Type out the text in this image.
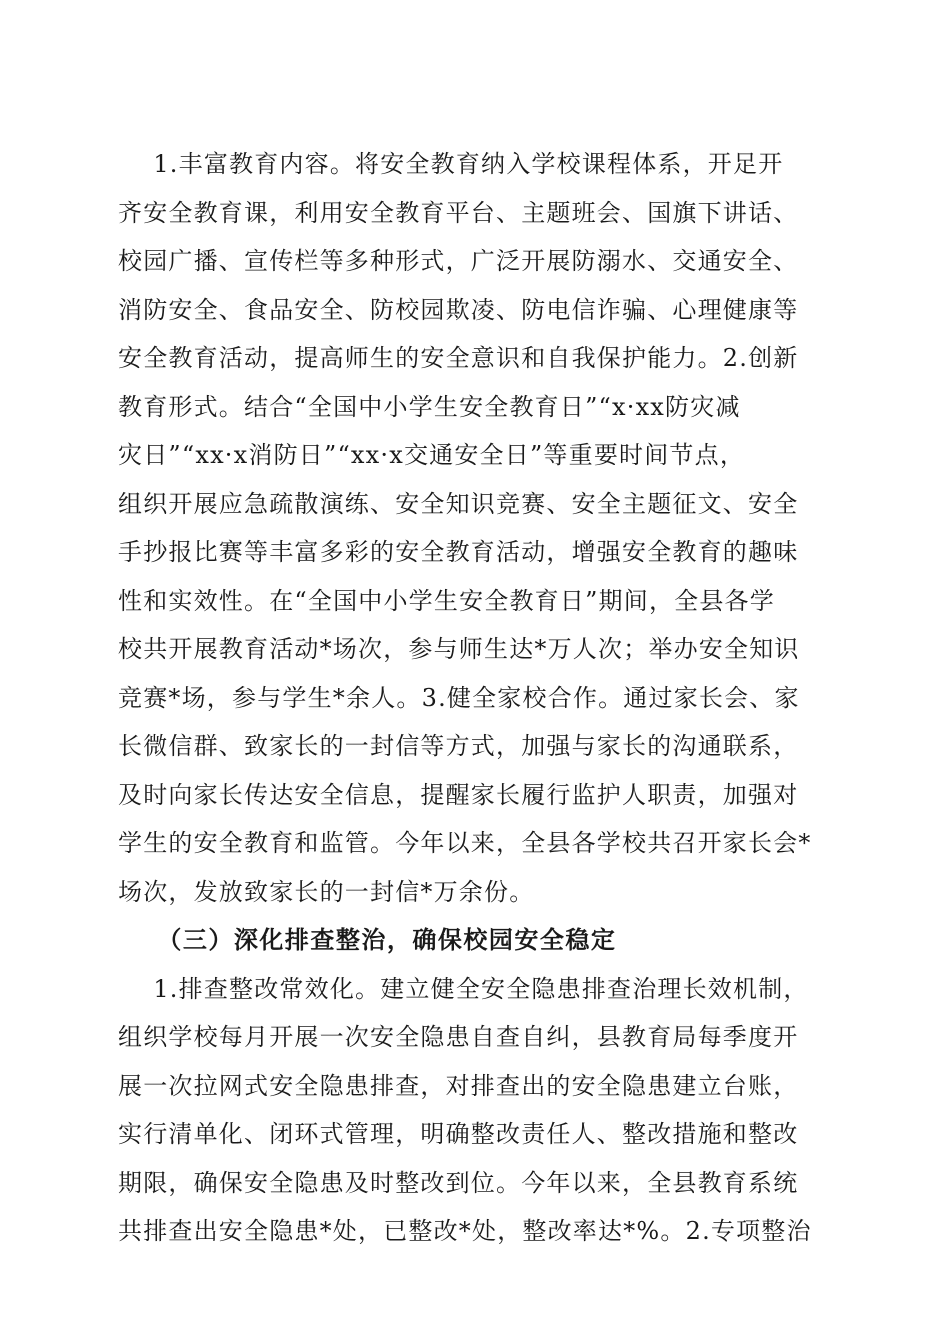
1.丰富教育内容。将安全教育纳入学校课程体系，开足开
齐安全教育课，利用安全教育平台、主题班会、国旗下讲话、
校园广播、宣传栏等多种形式，广泛开展防溺水、交通安全、
消防安全、食品安全、防校园欺凌、防电信诈骗、心理健康等
安全教育活动，提高师生的安全意识和自我保护能力。2.创新
教育形式。结合“全国中小学生安全教育日”“x·xx防灾减
灾日”“xx·x消防日”“xx·x交通安全日”等重要时间节点，
组织开展应急疏散演练、安全知识竞赛、安全主题征文、安全
手抄报比赛等丰富多彩的安全教育活动，增强安全教育的趣味
性和实效性。在“全国中小学生安全教育日”期间，全县各学
校共开展教育活动*场次，参与师生达*万人次；举办安全知识
竞赛*场，参与学生*余人。3.健全家校合作。通过家长会、家
长微信群、致家长的一封信等方式，加强与家长的沟通联系，
及时向家长传达安全信息，提醒家长履行监护人职责，加强对
学生的安全教育和监管。今年以来，全县各学校共召开家长会*
场次，发放致家长的一封信*万余份。
（三）深化排查整治，确保校园安全稳定
1.排查整改常效化。建立健全安全隐患排查治理长效机制，
组织学校每月开展一次安全隐患自查自纠，县教育局每季度开
展一次拉网式安全隐患排查，对排查出的安全隐患建立台账，
实行清单化、闭环式管理，明确整改责任人、整改措施和整改
期限，确保安全隐患及时整改到位。今年以来，全县教育系统
共排查出安全隐患*处，已整改*处，整改率达*%。2.专项整治
